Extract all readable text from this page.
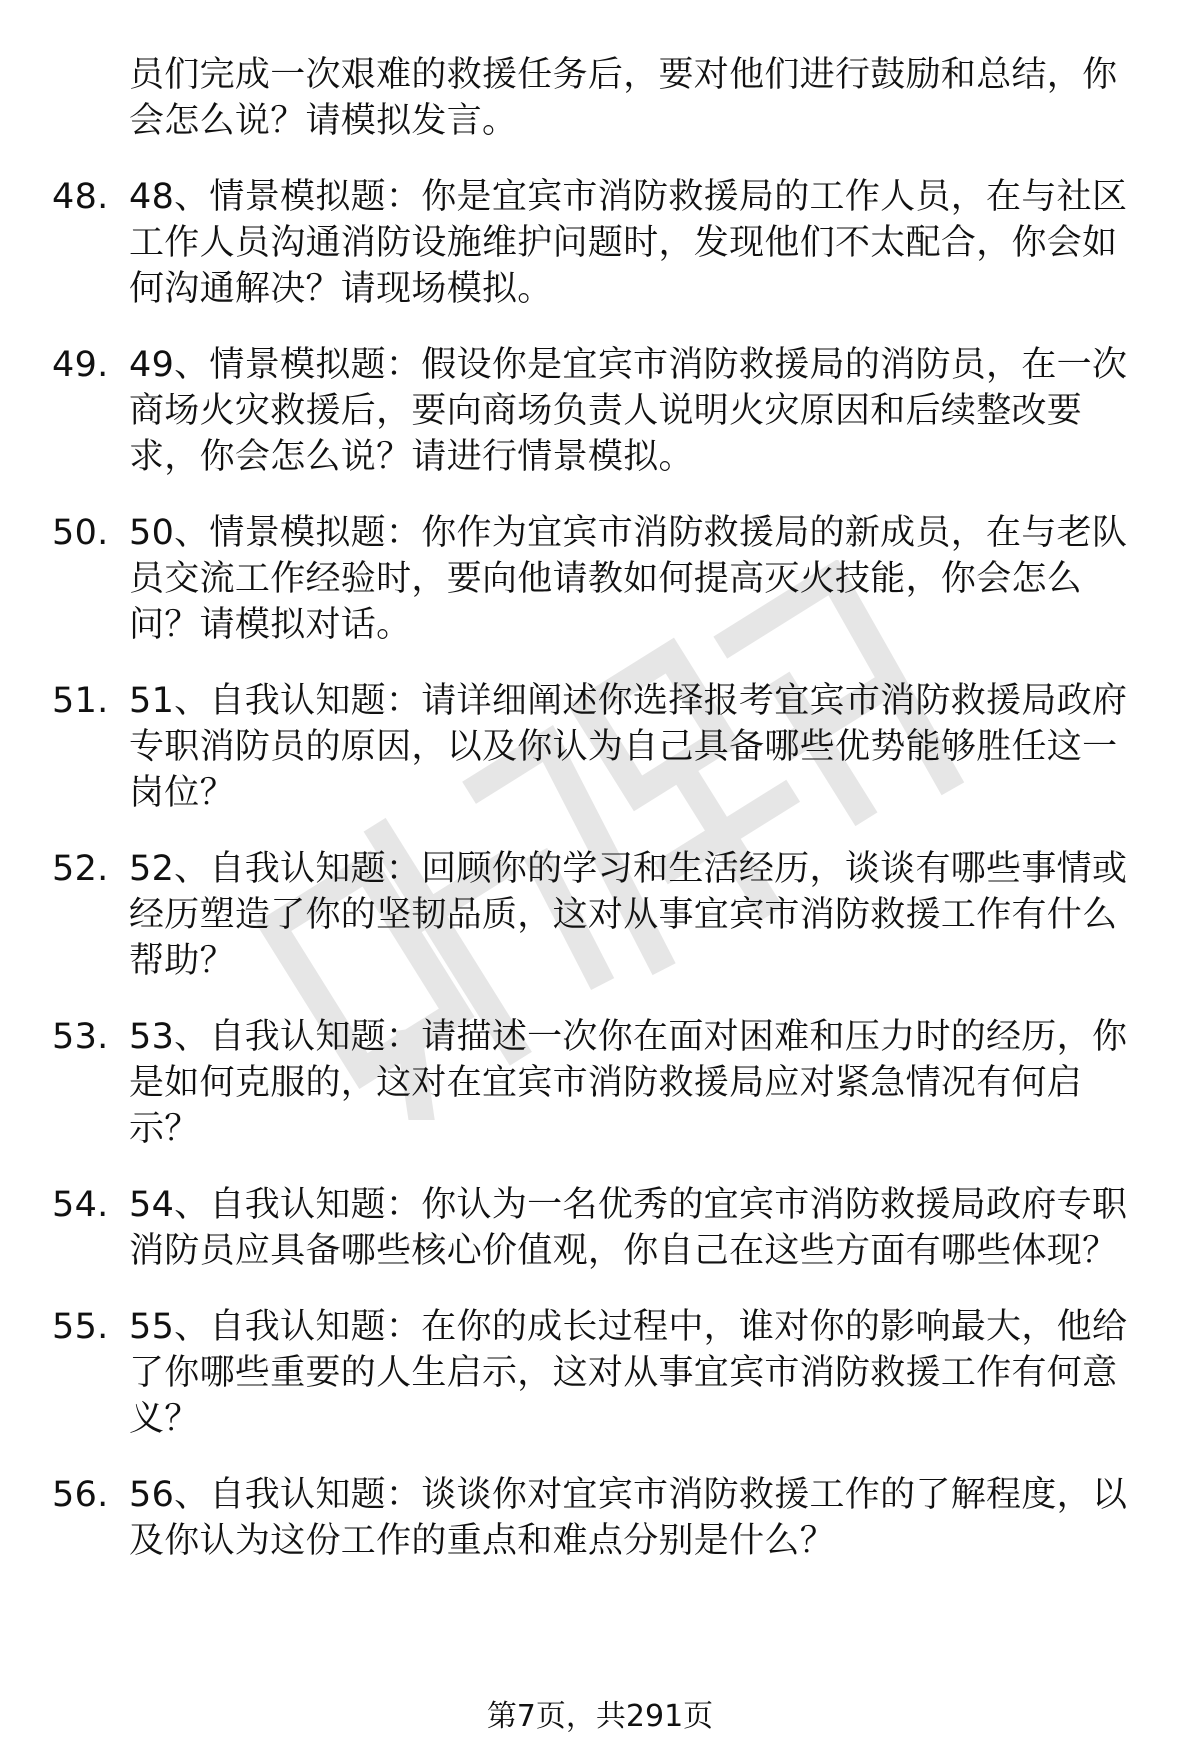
员们完成一次艰难的救援任务后，要对他们进行鼓励和总结，你会怎么说？请模拟发言。
48. 48、情景模拟题：你是宜宾市消防救援局的工作人员，在与社区工作人员沟通消防设施维护问题时，发现他们不太配合，你会如何沟通解决？请现场模拟。
49. 49、情景模拟题：假设你是宜宾市消防救援局的消防员，在一次商场火灾救援后，要向商场负责人说明火灾原因和后续整改要求，你会怎么说？请进行情景模拟。
50. 50、情景模拟题：你作为宜宾市消防救援局的新成员，在与老队员交流工作经验时，要向他请教如何提高灭火技能，你会怎么问？请模拟对话。
51. 51、自我认知题：请详细阐述你选择报考宜宾市消防救援局政府专职消防员的原因，以及你认为自己具备哪些优势能够胜任这一岗位？
52. 52、自我认知题：回顾你的学习和生活经历，谈谈有哪些事情或经历塑造了你的坚韧品质，这对从事宜宾市消防救援工作有什么帮助？
53. 53、自我认知题：请描述一次你在面对困难和压力时的经历，你是如何克服的，这对在宜宾市消防救援局应对紧急情况有何启示？
54. 54、自我认知题：你认为一名优秀的宜宾市消防救援局政府专职消防员应具备哪些核心价值观，你自己在这些方面有哪些体现？
55. 55、自我认知题：在你的成长过程中，谁对你的影响最大，他给了你哪些重要的人生启示，这对从事宜宾市消防救援工作有何意义？
56. 56、自我认知题：谈谈你对宜宾市消防救援工作的了解程度，以及你认为这份工作的重点和难点分别是什么？
第7页，共291页
